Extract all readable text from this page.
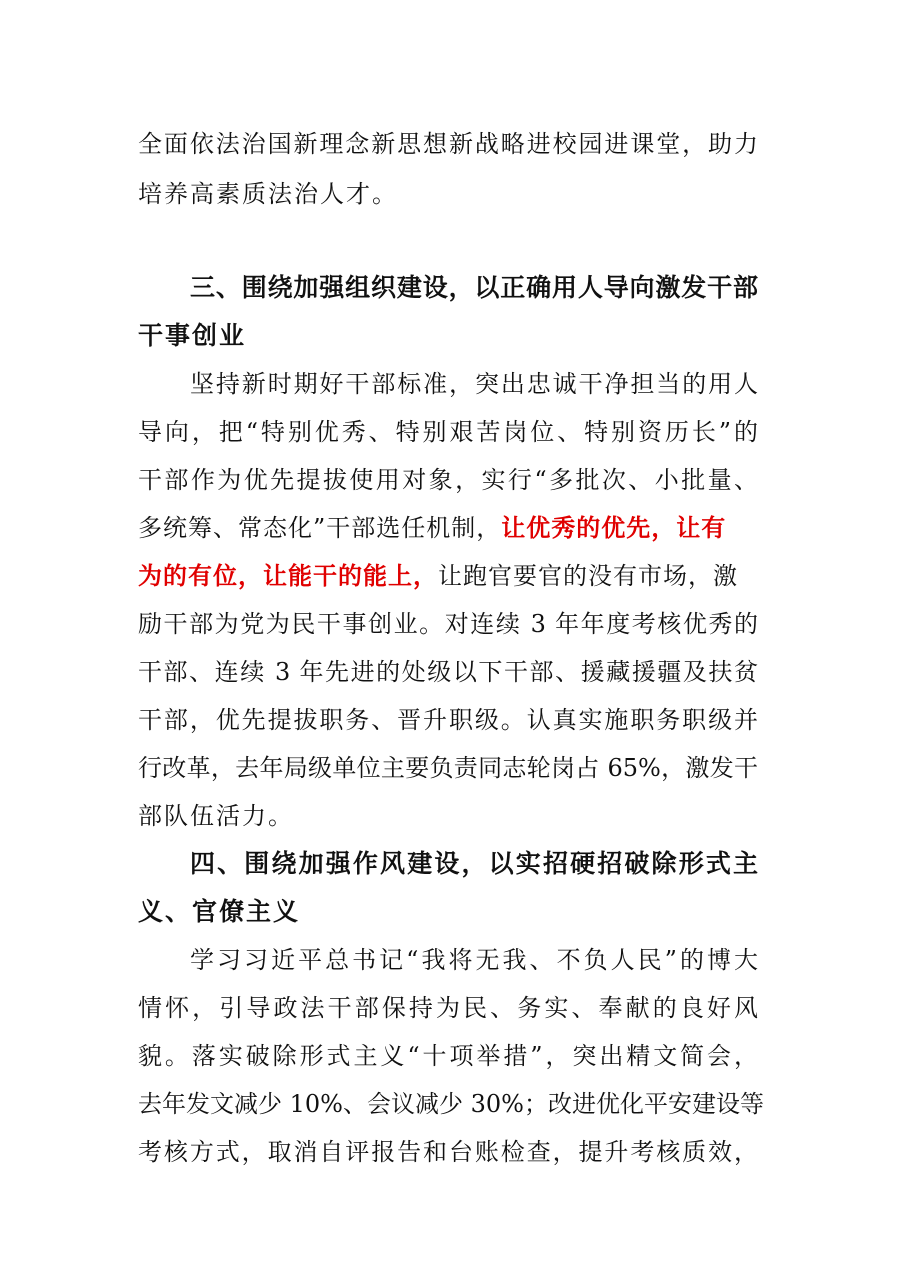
全面依法治国新理念新思想新战略进校园进课堂，助力
培养高素质法治人才。
三、围绕加强组织建设，以正确用人导向激发干部
干事创业
坚持新时期好干部标准，突出忠诚干净担当的用人
导向，把“特别优秀、特别艰苦岗位、特别资历长”的
干部作为优先提拔使用对象，实行“多批次、小批量、
多统筹、常态化”干部选任机制，让优秀的优先，让有
为的有位，让能干的能上，让跑官要官的没有市场，激
励干部为党为民干事创业。对连续 3 年年度考核优秀的
干部、连续 3 年先进的处级以下干部、援藏援疆及扶贫
干部，优先提拔职务、晋升职级。认真实施职务职级并
行改革，去年局级单位主要负责同志轮岗占 65%，激发干
部队伍活力。
四、围绕加强作风建设，以实招硬招破除形式主
义、官僚主义
学习习近平总书记“我将无我、不负人民”的博大
情怀，引导政法干部保持为民、务实、奉献的良好风
貌。落实破除形式主义“十项举措”，突出精文简会，
去年发文减少 10%、会议减少 30%；改进优化平安建设等
考核方式，取消自评报告和台账检查，提升考核质效，
